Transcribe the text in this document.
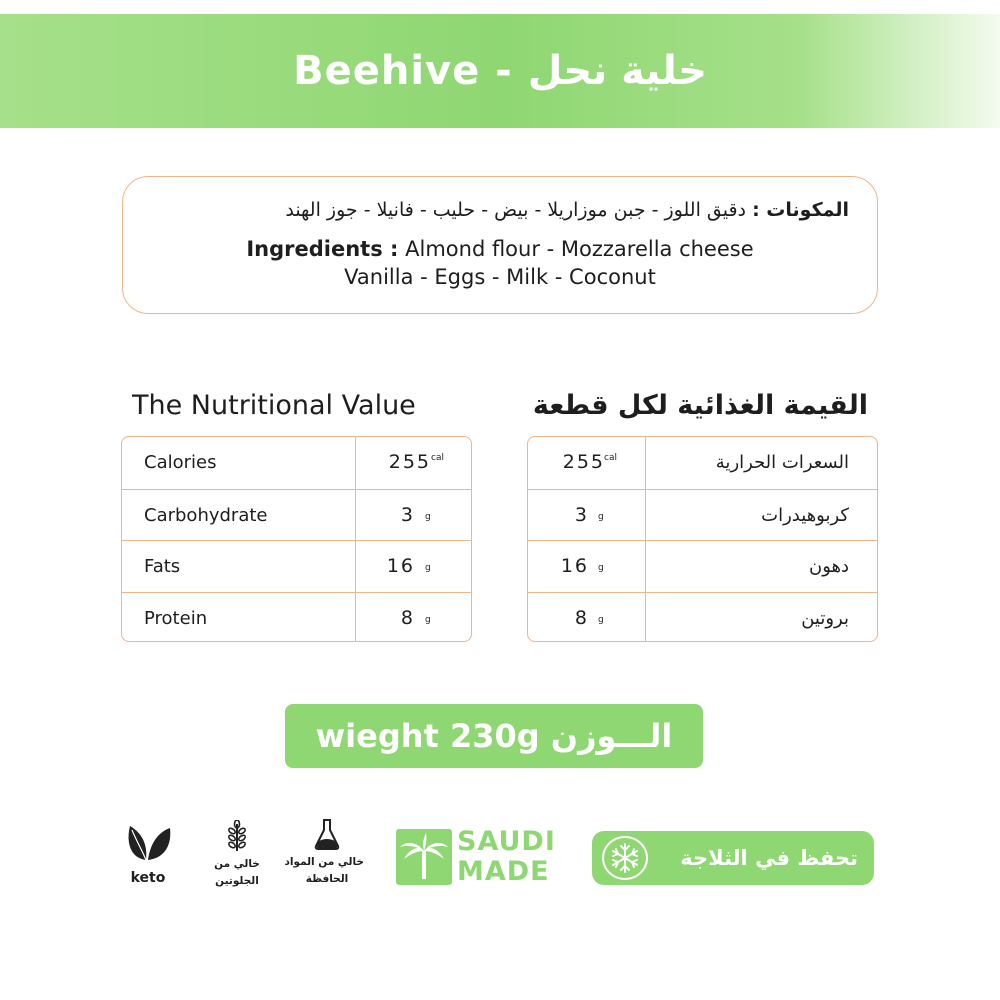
Beehive - خلية نحل
المكونات : دقيق اللوز - جبن موزاريلا - بيض - حليب - فانيلا - جوز الهند
Ingredients : Almond flour - Mozzarella cheese
Vanilla - Eggs - Milk - Coconut
The Nutritional Value	القيمة الغذائية لكل قطعة
Calories	255 cal
Carbohydrate	3 g
Fats	16 g
Protein	8 g
255 cal	السعرات الحرارية
3 g	كربوهيدرات
16 g	دهون
8 g	بروتين
wieght 230g الـــوزن
keto
خالي من
الجلوتين
خالي من المواد
الحافظة
SAUDI
MADE	تحفظ في الثلاجة
